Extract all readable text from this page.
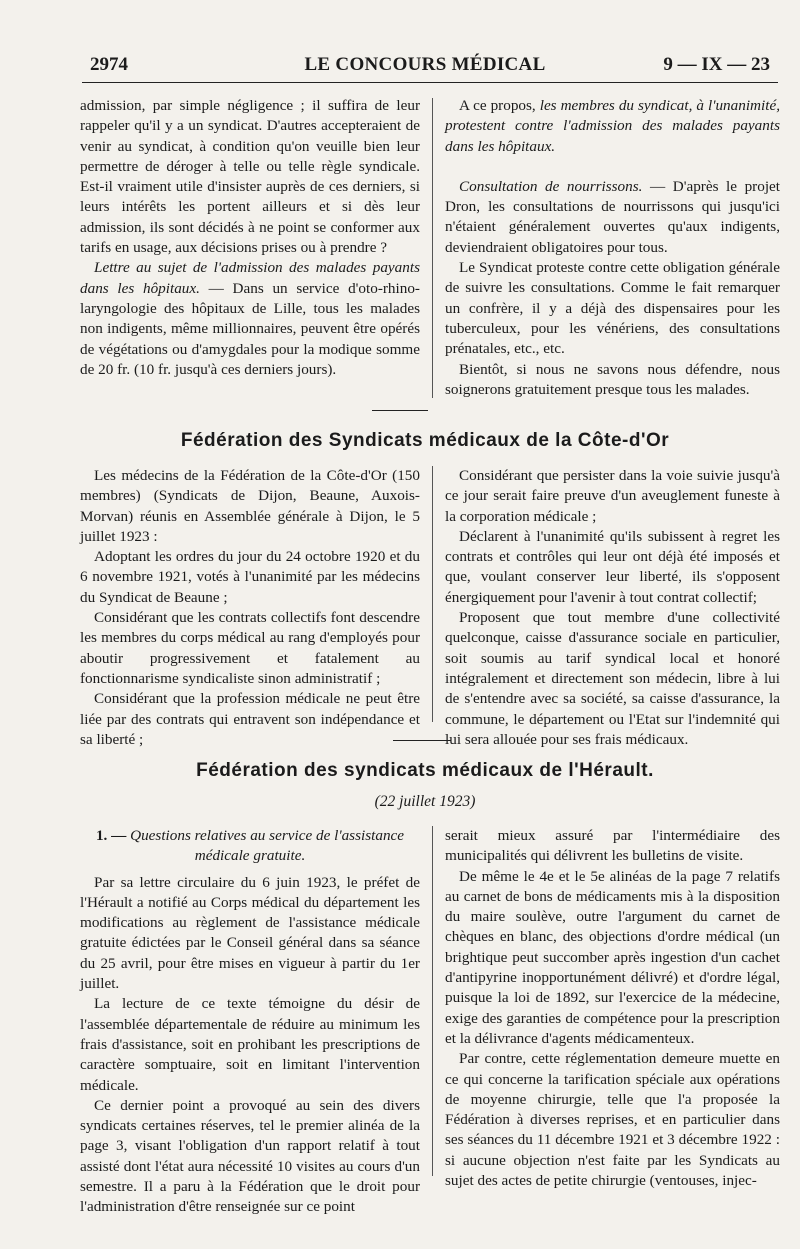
2974	LE CONCOURS MÉDICAL	9 — IX — 23

admission, par simple négligence ; il suffira de leur rappeler qu'il y a un syndicat. D'autres accepteraient de venir au syndicat, à condition qu'on veuille bien leur permettre de déroger à telle ou telle règle syndicale. Est-il vraiment utile d'insister auprès de ces derniers, si leurs intérêts les portent ailleurs et si dès leur admission, ils sont décidés à ne point se conformer aux tarifs en usage, aux décisions prises ou à prendre ?

Lettre au sujet de l'admission des malades payants dans les hôpitaux. — Dans un service d'oto-rhino-laryngologie des hôpitaux de Lille, tous les malades non indigents, même millionnaires, peuvent être opérés de végétations ou d'amygdales pour la modique somme de 20 fr. (10 fr. jusqu'à ces derniers jours).

A ce propos, les membres du syndicat, à l'unanimité, protestent contre l'admission des malades payants dans les hôpitaux.

Consultation de nourrissons. — D'après le projet Dron, les consultations de nourrissons qui jusqu'ici n'étaient généralement ouvertes qu'aux indigents, deviendraient obligatoires pour tous.

Le Syndicat proteste contre cette obligation générale de suivre les consultations. Comme le fait remarquer un confrère, il y a déjà des dispensaires pour les tuberculeux, pour les vénériens, des consultations prénatales, etc., etc.

Bientôt, si nous ne savons nous défendre, nous soignerons gratuitement presque tous les malades.

Fédération des Syndicats médicaux de la Côte-d'Or

Les médecins de la Fédération de la Côte-d'Or (150 membres) (Syndicats de Dijon, Beaune, Auxois-Morvan) réunis en Assemblée générale à Dijon, le 5 juillet 1923 :

Adoptant les ordres du jour du 24 octobre 1920 et du 6 novembre 1921, votés à l'unanimité par les médecins du Syndicat de Beaune ;

Considérant que les contrats collectifs font descendre les membres du corps médical au rang d'employés pour aboutir progressivement et fatalement au fonctionnarisme syndicaliste sinon administratif ;

Considérant que la profession médicale ne peut être liée par des contrats qui entravent son indépendance et sa liberté ;

Considérant que persister dans la voie suivie jusqu'à ce jour serait faire preuve d'un aveuglement funeste à la corporation médicale ;

Déclarent à l'unanimité qu'ils subissent à regret les contrats et contrôles qui leur ont déjà été imposés et que, voulant conserver leur liberté, ils s'opposent énergiquement pour l'avenir à tout contrat collectif;

Proposent que tout membre d'une collectivité quelconque, caisse d'assurance sociale en particulier, soit soumis au tarif syndical local et honoré intégralement et directement son médecin, libre à lui de s'entendre avec sa société, sa caisse d'assurance, la commune, le département ou l'Etat sur l'indemnité qui lui sera allouée pour ses frais médicaux.

Fédération des syndicats médicaux de l'Hérault.
(22 juillet 1923)

1. — Questions relatives au service de l'assistance médicale gratuite.

Par sa lettre circulaire du 6 juin 1923, le préfet de l'Hérault a notifié au Corps médical du département les modifications au règlement de l'assistance médicale gratuite édictées par le Conseil général dans sa séance du 25 avril, pour être mises en vigueur à partir du 1er juillet.

La lecture de ce texte témoigne du désir de l'assemblée départementale de réduire au minimum les frais d'assistance, soit en prohibant les prescriptions de caractère somptuaire, soit en limitant l'intervention médicale.

Ce dernier point a provoqué au sein des divers syndicats certaines réserves, tel le premier alinéa de la page 3, visant l'obligation d'un rapport relatif à tout assisté dont l'état aura nécessité 10 visites au cours d'un semestre. Il a paru à la Fédération que le droit pour l'administration d'être renseignée sur ce point

serait mieux assuré par l'intermédiaire des municipalités qui délivrent les bulletins de visite.

De même le 4e et le 5e alinéas de la page 7 relatifs au carnet de bons de médicaments mis à la disposition du maire soulève, outre l'argument du carnet de chèques en blanc, des objections d'ordre médical (un brightique peut succomber après ingestion d'un cachet d'antipyrine inopportunément délivré) et d'ordre légal, puisque la loi de 1892, sur l'exercice de la médecine, exige des garanties de compétence pour la prescription et la délivrance d'agents médicamenteux.

Par contre, cette réglementation demeure muette en ce qui concerne la tarification spéciale aux opérations de moyenne chirurgie, telle que l'a proposée la Fédération à diverses reprises, et en particulier dans ses séances du 11 décembre 1921 et 3 décembre 1922 : si aucune objection n'est faite par les Syndicats au sujet des actes de petite chirurgie (ventouses, injec-
